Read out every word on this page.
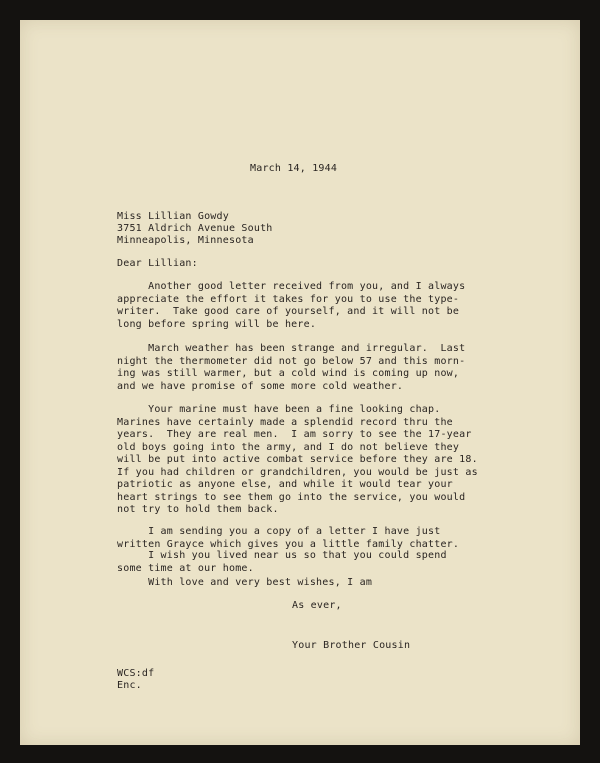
March 14, 1944

Miss Lillian Gowdy

3751 Aldrich Avenue South

Minneapolis, Minnesota

Dear Lillian:

Another good letter received from you, and I always
appreciate the effort it takes for you to use the type-
writer.  Take good care of yourself, and it will not be
long before spring will be here.

March weather has been strange and irregular.  Last
night the thermometer did not go below 57 and this morn-
ing was still warmer, but a cold wind is coming up now,
and we have promise of some more cold weather.

Your marine must have been a fine looking chap.
Marines have certainly made a splendid record thru the
years.  They are real men.  I am sorry to see the 17-year
old boys going into the army, and I do not believe they
will be put into active combat service before they are 18.
If you had children or grandchildren, you would be just as
patriotic as anyone else, and while it would tear your
heart strings to see them go into the service, you would
not try to hold them back.

I am sending you a copy of a letter I have just
written Grayce which gives you a little family chatter.

I wish you lived near us so that you could spend
some time at our home.

With love and very best wishes, I am

As ever,

Your Brother Cousin

WCS:df

Enc.
